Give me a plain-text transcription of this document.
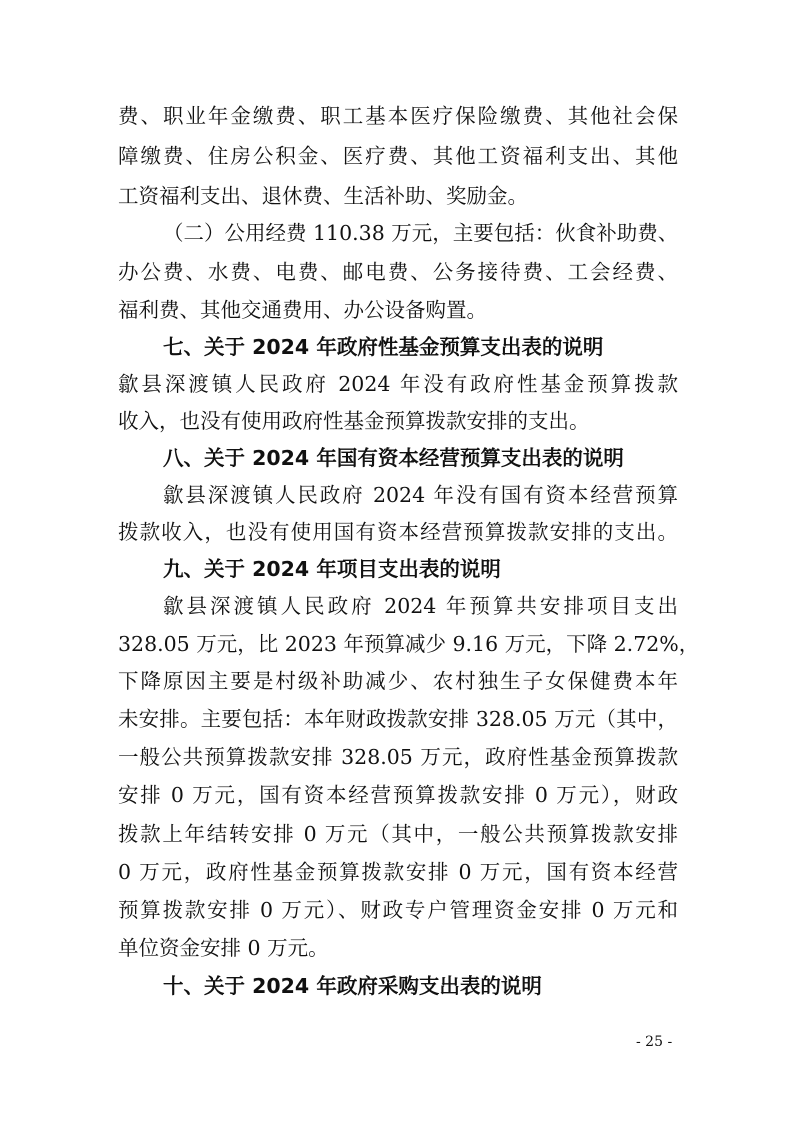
费、职业年金缴费、职工基本医疗保险缴费、其他社会保
障缴费、住房公积金、医疗费、其他工资福利支出、其他
工资福利支出、退休费、生活补助、奖励金。
（二）公用经费 110.38 万元，主要包括：伙食补助费、
办公费、水费、电费、邮电费、公务接待费、工会经费、
福利费、其他交通费用、办公设备购置。
七、关于 2024 年政府性基金预算支出表的说明
歙县深渡镇人民政府 2024 年没有政府性基金预算拨款
收入，也没有使用政府性基金预算拨款安排的支出。
八、关于 2024 年国有资本经营预算支出表的说明
歙县深渡镇人民政府 2024 年没有国有资本经营预算
拨款收入，也没有使用国有资本经营预算拨款安排的支出。
九、关于 2024 年项目支出表的说明
歙县深渡镇人民政府 2024 年预算共安排项目支出
328.05 万元，比 2023 年预算减少 9.16 万元，下降 2.72%，
下降原因主要是村级补助减少、农村独生子女保健费本年
未安排。主要包括：本年财政拨款安排 328.05 万元（其中，
一般公共预算拨款安排 328.05 万元，政府性基金预算拨款
安排 0 万元，国有资本经营预算拨款安排 0 万元），财政
拨款上年结转安排 0 万元（其中，一般公共预算拨款安排
0 万元，政府性基金预算拨款安排 0 万元，国有资本经营
预算拨款安排 0 万元）、财政专户管理资金安排 0 万元和
单位资金安排 0 万元。
十、关于 2024 年政府采购支出表的说明
- 25 -
